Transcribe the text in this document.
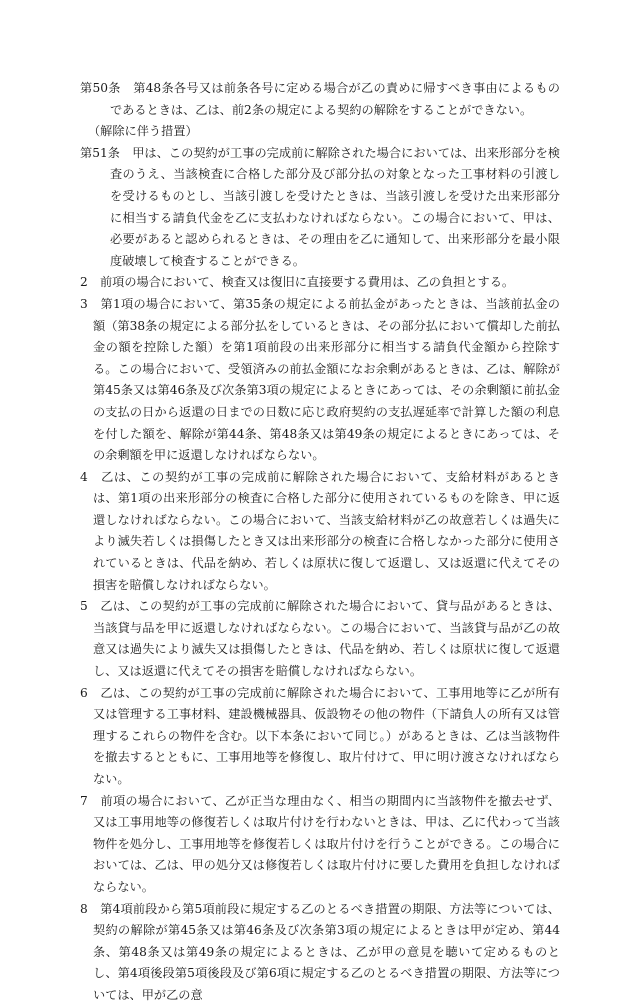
第50条　第48条各号又は前条各号に定める場合が乙の責めに帰すべき事由によるものであるときは、乙は、前2条の規定による契約の解除をすることができない。

（解除に伴う措置）

第51条　甲は、この契約が工事の完成前に解除された場合においては、出来形部分を検査のうえ、当該検査に合格した部分及び部分払の対象となった工事材料の引渡しを受けるものとし、当該引渡しを受けたときは、当該引渡しを受けた出来形部分に相当する請負代金を乙に支払わなければならない。この場合において、甲は、必要があると認められるときは、その理由を乙に通知して、出来形部分を最小限度破壊して検査することができる。

2　前項の場合において、検査又は復旧に直接要する費用は、乙の負担とする。

3　第1項の場合において、第35条の規定による前払金があったときは、当該前払金の額（第38条の規定による部分払をしているときは、その部分払において償却した前払金の額を控除した額）を第1項前段の出来形部分に相当する請負代金額から控除する。この場合において、受領済みの前払金額になお余剰があるときは、乙は、解除が第45条又は第46条及び次条第3項の規定によるときにあっては、その余剰額に前払金の支払の日から返還の日までの日数に応じ政府契約の支払遅延率で計算した額の利息を付した額を、解除が第44条、第48条又は第49条の規定によるときにあっては、その余剰額を甲に返還しなければならない。

4　乙は、この契約が工事の完成前に解除された場合において、支給材料があるときは、第1項の出来形部分の検査に合格した部分に使用されているものを除き、甲に返還しなければならない。この場合において、当該支給材料が乙の故意若しくは過失により滅失若しくは損傷したとき又は出来形部分の検査に合格しなかった部分に使用されているときは、代品を納め、若しくは原状に復して返還し、又は返還に代えてその損害を賠償しなければならない。

5　乙は、この契約が工事の完成前に解除された場合において、貸与品があるときは、当該貸与品を甲に返還しなければならない。この場合において、当該貸与品が乙の故意又は過失により滅失又は損傷したときは、代品を納め、若しくは原状に復して返還し、又は返還に代えてその損害を賠償しなければならない。

6　乙は、この契約が工事の完成前に解除された場合において、工事用地等に乙が所有又は管理する工事材料、建設機械器具、仮設物その他の物件（下請負人の所有又は管理するこれらの物件を含む。以下本条において同じ。）があるときは、乙は当該物件を撤去するとともに、工事用地等を修復し、取片付けて、甲に明け渡さなければならない。

7　前項の場合において、乙が正当な理由なく、相当の期間内に当該物件を撤去せず、又は工事用地等の修復若しくは取片付けを行わないときは、甲は、乙に代わって当該物件を処分し、工事用地等を修復若しくは取片付けを行うことができる。この場合においては、乙は、甲の処分又は修復若しくは取片付けに要した費用を負担しなければならない。

8　第4項前段から第5項前段に規定する乙のとるべき措置の期限、方法等については、契約の解除が第45条又は第46条及び次条第3項の規定によるときは甲が定め、第44条、第48条又は第49条の規定によるときは、乙が甲の意見を聴いて定めるものとし、第4項後段第5項後段及び第6項に規定する乙のとるべき措置の期限、方法等については、甲が乙の意
